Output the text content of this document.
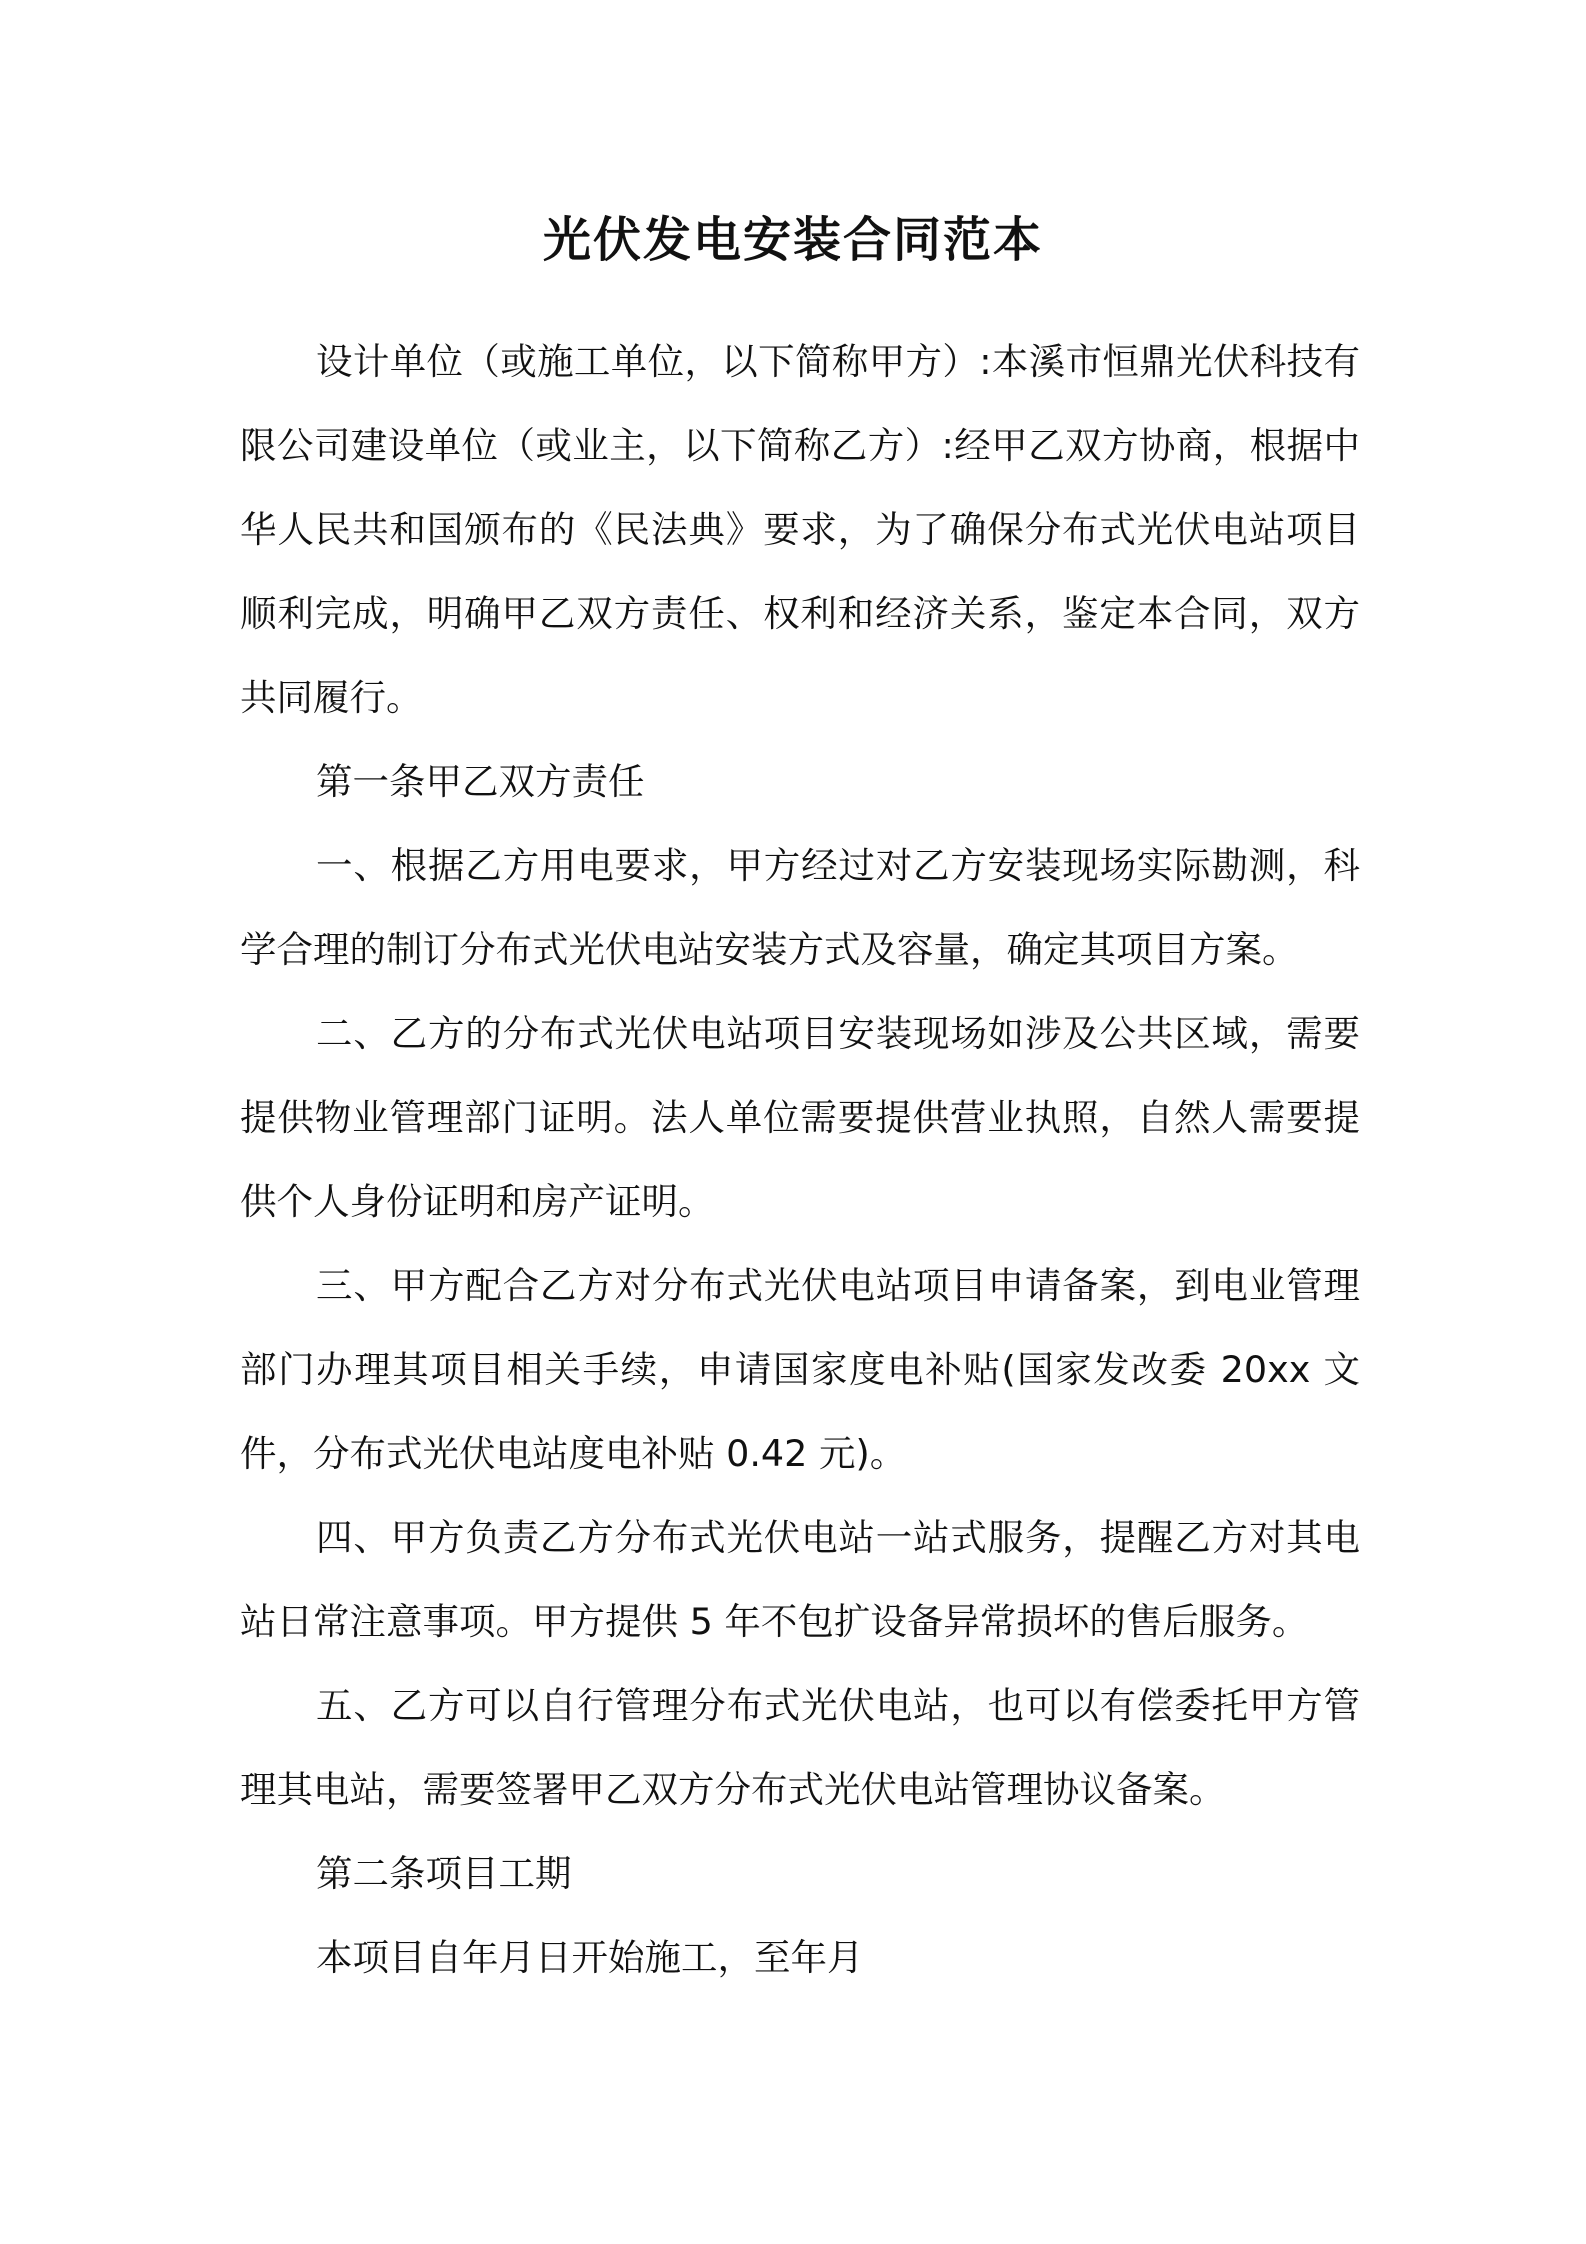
光伏发电安装合同范本

设计单位（或施工单位，以下简称甲方）:本溪市恒鼎光伏科技有限公司建设单位（或业主，以下简称乙方）:经甲乙双方协商，根据中华人民共和国颁布的《民法典》要求，为了确保分布式光伏电站项目顺利完成，明确甲乙双方责任、权利和经济关系，鉴定本合同，双方共同履行。

第一条甲乙双方责任

一、根据乙方用电要求，甲方经过对乙方安装现场实际勘测，科学合理的制订分布式光伏电站安装方式及容量，确定其项目方案。

二、乙方的分布式光伏电站项目安装现场如涉及公共区域，需要提供物业管理部门证明。法人单位需要提供营业执照，自然人需要提供个人身份证明和房产证明。

三、甲方配合乙方对分布式光伏电站项目申请备案，到电业管理部门办理其项目相关手续，申请国家度电补贴(国家发改委 20xx 文件，分布式光伏电站度电补贴 0.42 元)。

四、甲方负责乙方分布式光伏电站一站式服务，提醒乙方对其电站日常注意事项。甲方提供 5 年不包扩设备异常损坏的售后服务。

五、乙方可以自行管理分布式光伏电站，也可以有偿委托甲方管理其电站，需要签署甲乙双方分布式光伏电站管理协议备案。

第二条项目工期

本项目自年月日开始施工，至年月
